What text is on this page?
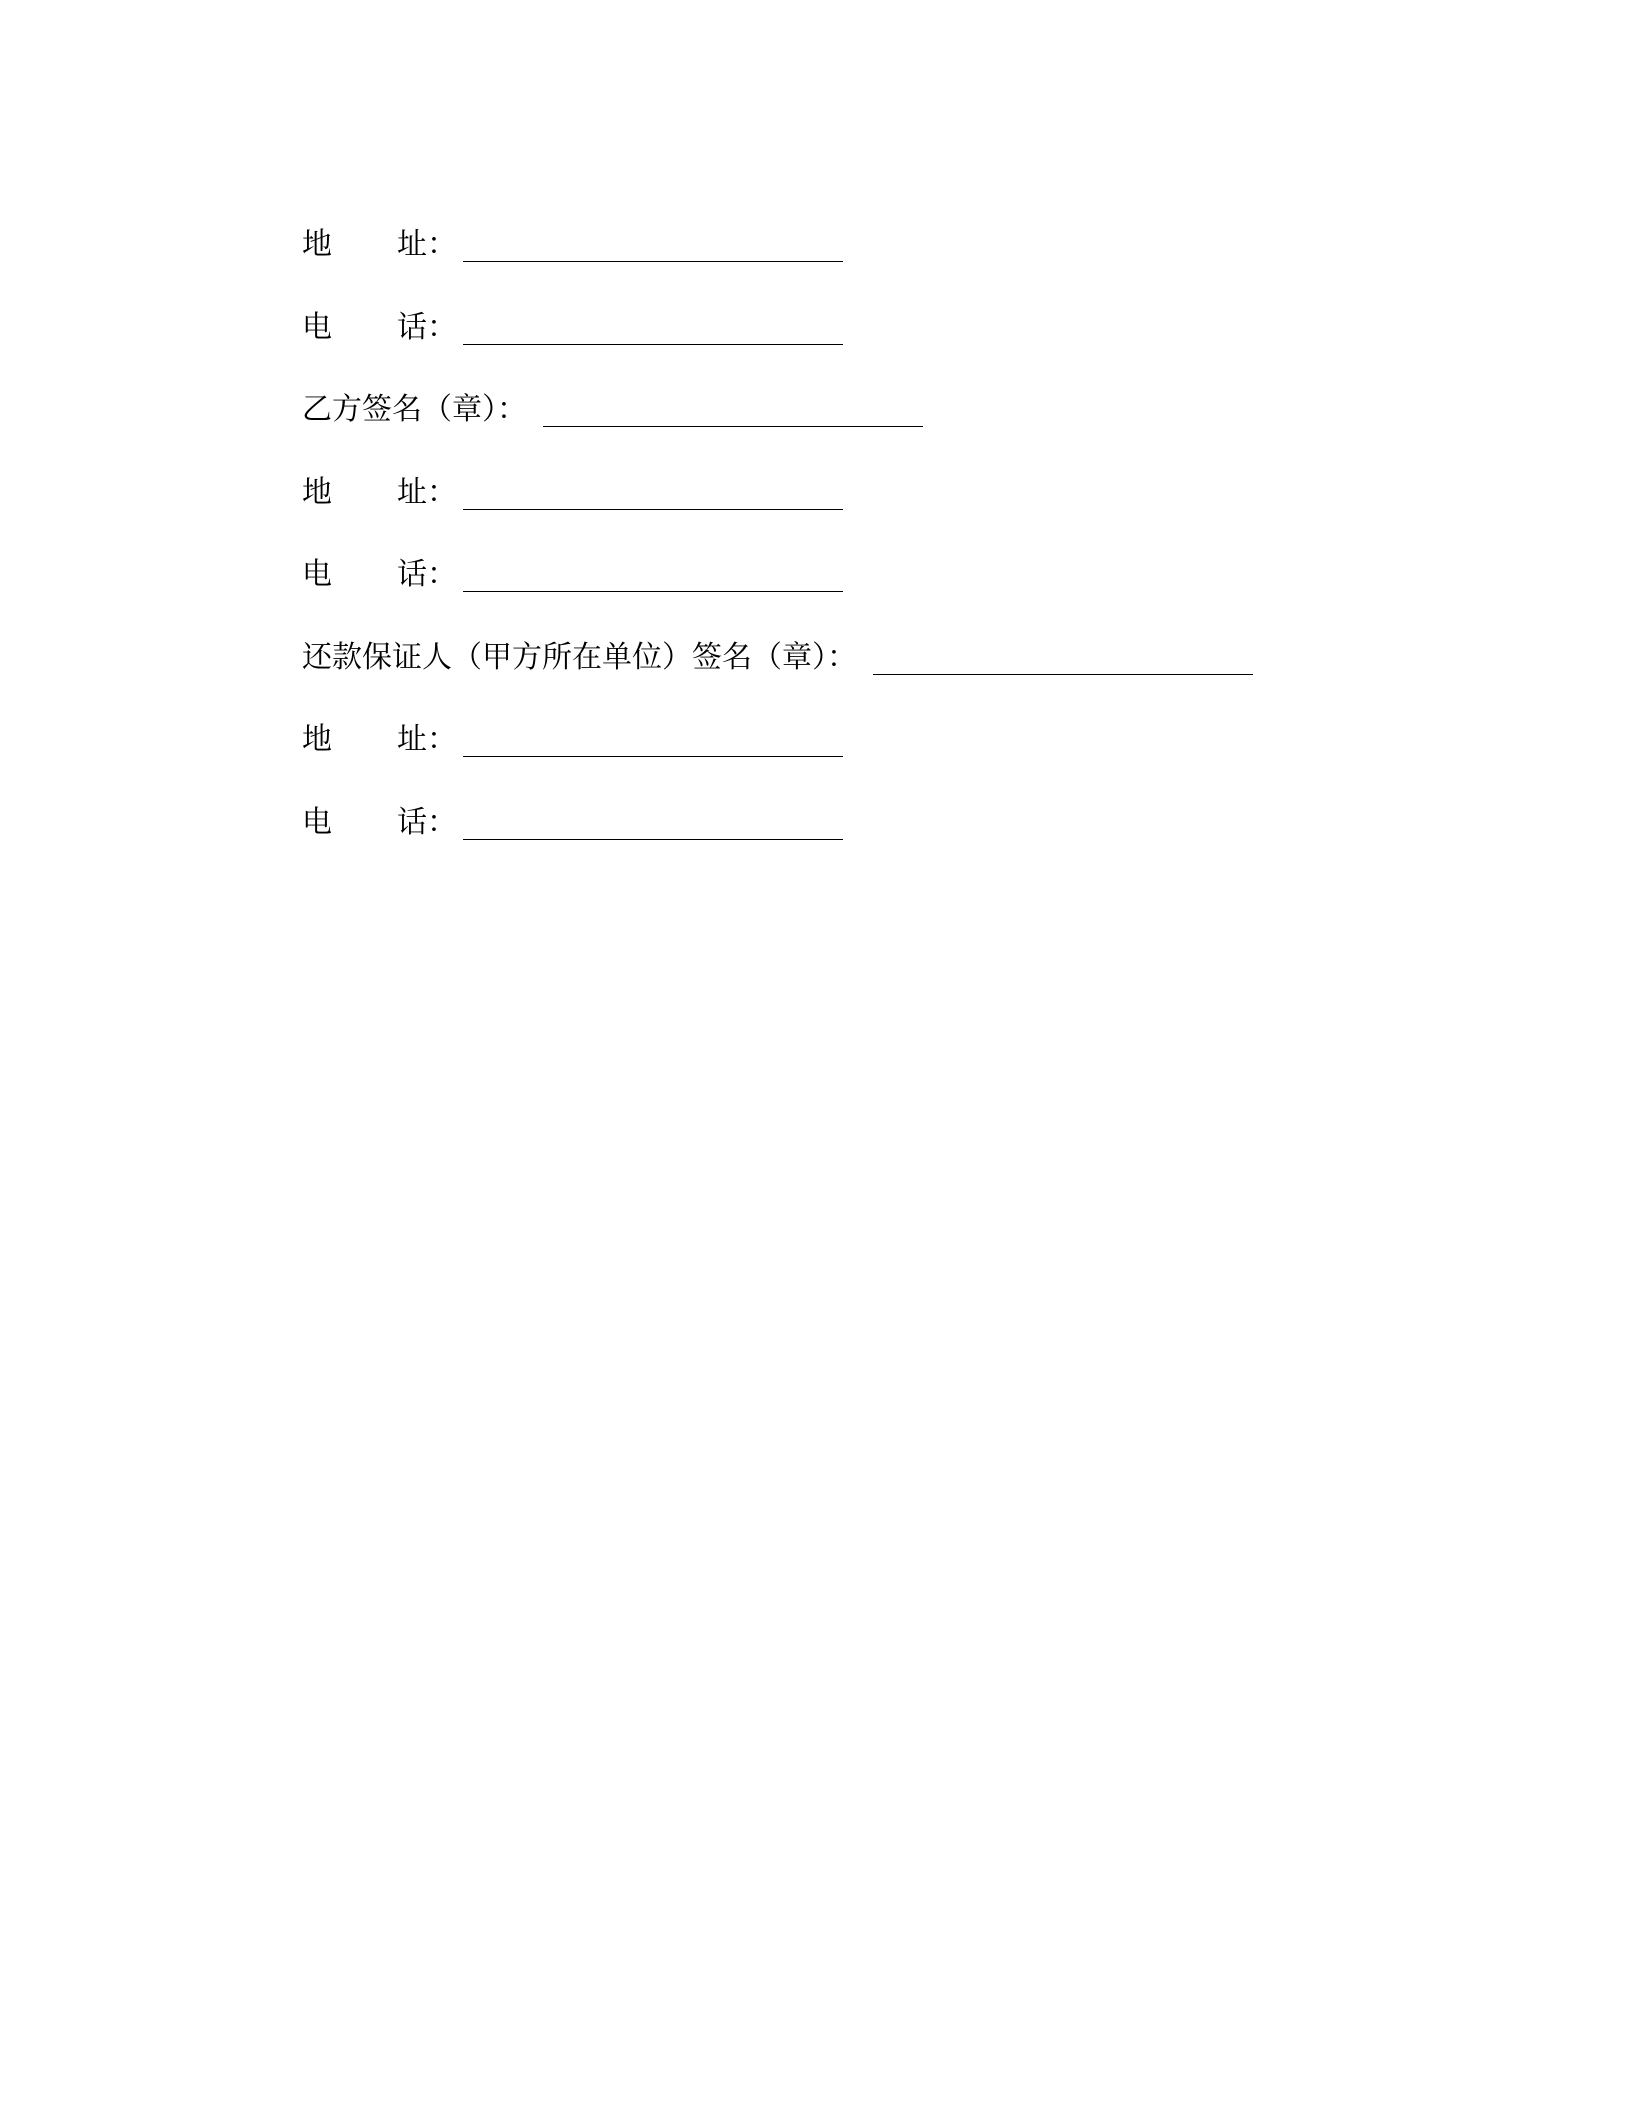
地	址：
电	话：
乙方签名（章）：
地	址：
电	话：
还款保证人（甲方所在单位）签名（章）：
地	址：
电	话：
